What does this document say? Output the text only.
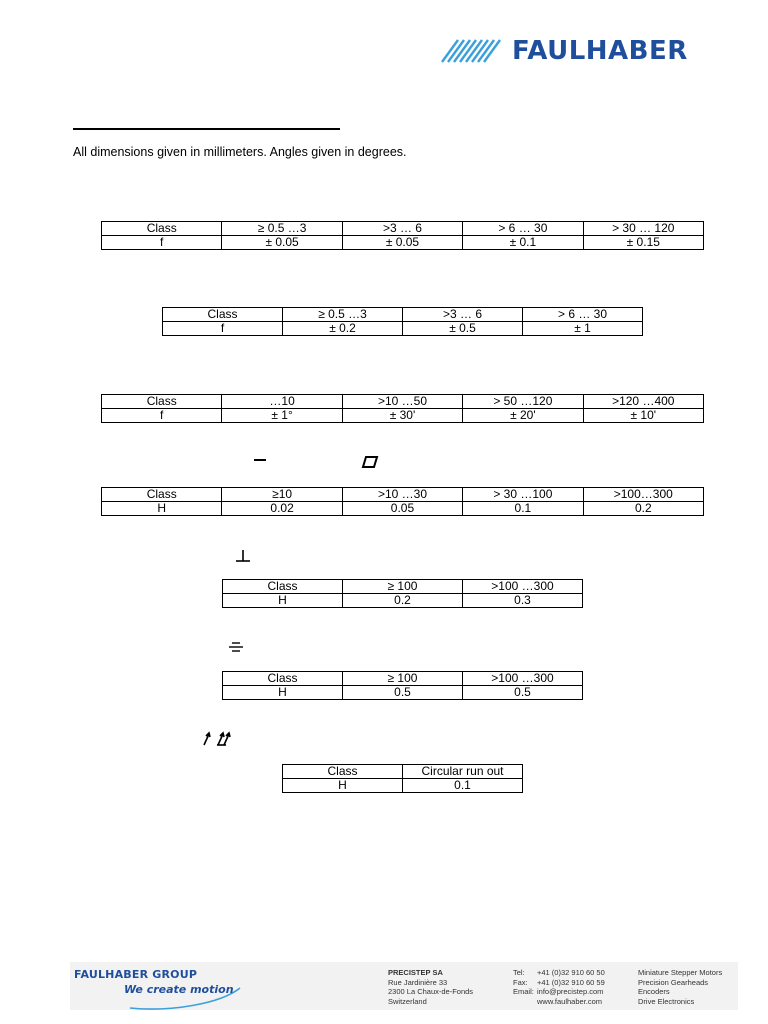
FAULHABER
All dimensions given in millimeters. Angles given in degrees.
Class	≥ 0.5 …3	>3 … 6	> 6 … 30	> 30 … 120
f	± 0.05	± 0.05	± 0.1	± 0.15
Class	≥ 0.5 …3	>3 … 6	> 6 … 30
f	± 0.2	± 0.5	± 1
Class	…10	>10 …50	> 50 …120	>120 …400
f	± 1°	± 30'	± 20'	± 10'
Class	≥10	>10 …30	> 30 …100	>100…300
H	0.02	0.05	0.1	0.2
Class	≥ 100	>100 …300
H	0.2	0.3
Class	≥ 100	>100 …300
H	0.5	0.5
Class	Circular run out
H	0.1
FAULHABER GROUP
We create motion
PRECISTEP SA
Rue Jardinière 33
2300 La Chaux-de-Fonds
Switzerland
Tel: +41 (0)32 910 60 50
Fax: +41 (0)32 910 60 59
Email: info@precistep.com
www.faulhaber.com
Miniature Stepper Motors
Precision Gearheads
Encoders
Drive Electronics
